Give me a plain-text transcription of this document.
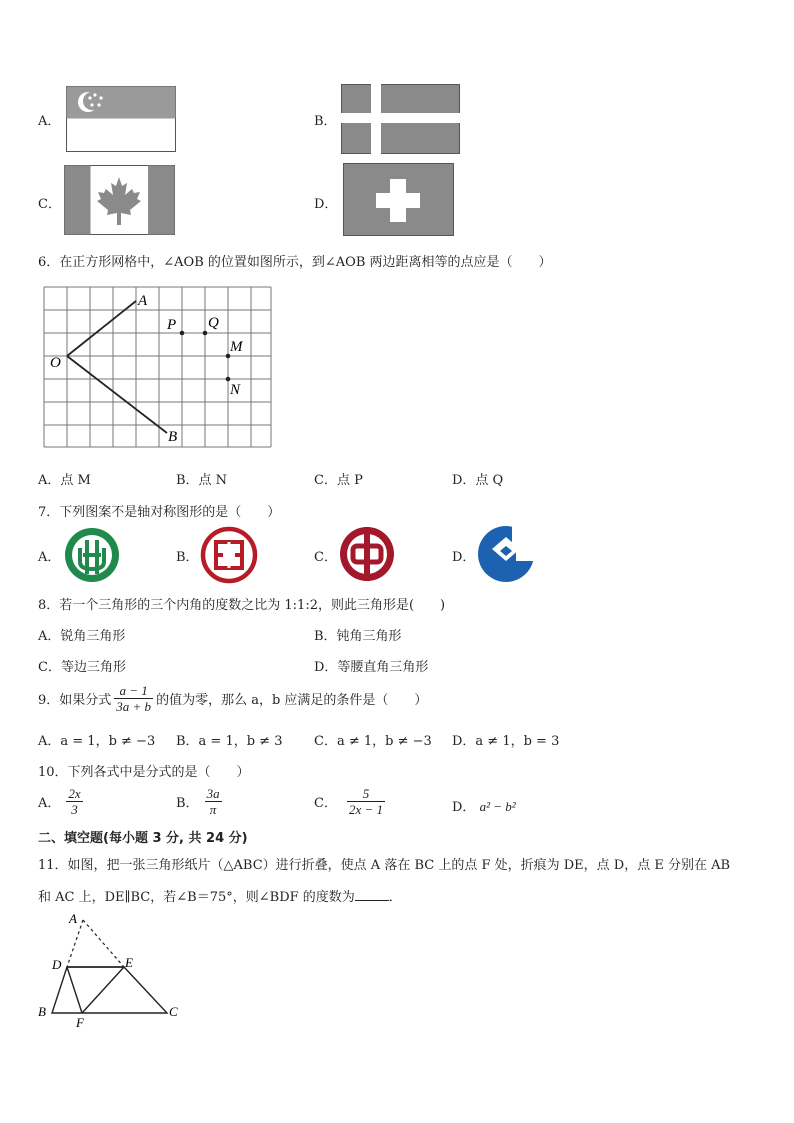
A．	B．
C．	D．
6．在正方形网格中，∠AOB 的位置如图所示，到∠AOB 两边距离相等的点应是（　　）
A
B
O
P Q
M
N
A．点 M	B．点 N	C．点 P	D．点 Q
7．下列图案不是轴对称图形的是（　　）
A．	B．	C．	D．
8．若一个三角形的三个内角的度数之比为 1:1:2，则此三角形是(　　)
A．锐角三角形	B．钝角三角形
C．等边三角形	D．等腰直角三角形
9．如果分式 $\frac{a - 1}{3a + b}$ 的值为零，那么 a，b 应满足的条件是（　　）
A．a = 1，b ≠ −3 B．a = 1，b ≠ 3 C．a ≠ 1，b ≠ −3 D．a ≠ 1，b = 3
10．下列各式中是分式的是（　　）
A． $\frac{2x}{3}$	B． $\frac{3a}{\pi}$	C． $\frac{5}{2x - 1}$	D． a² − b²
二、填空题(每小题 3 分, 共 24 分)
11．如图，把一张三角形纸片（△ABC）进行折叠，使点 A 落在 BC 上的点 F 处，折痕为 DE，点 D，点 E 分别在 AB
和 AC 上，DE∥BC，若∠B＝75°，则∠BDF 的度数为	．
A
D	E
B	C
F
